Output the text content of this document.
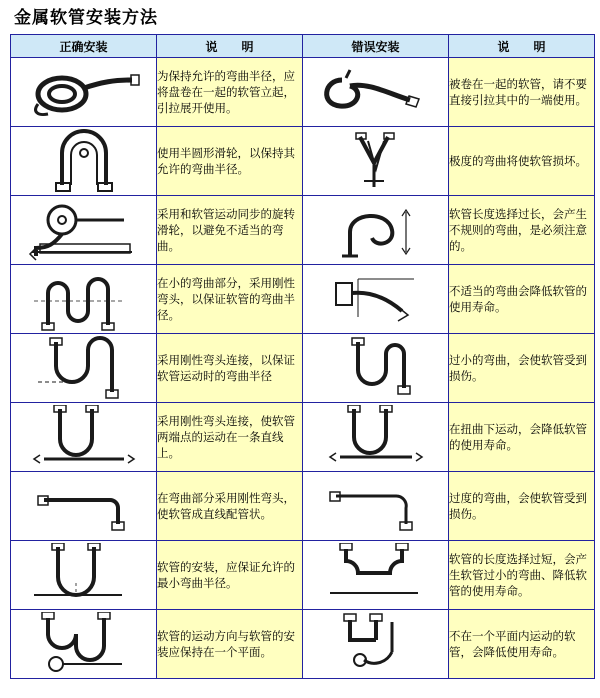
金属软管安装方法
正确安装	说　　明	错误安装	说　　明

	为保持允许的弯曲半径，应将盘卷在一起的软管立起，引拉展开使用。		被卷在一起的软管，请不要直接引拉其中的一端使用。

	使用半圆形滑轮，以保持其允许的弯曲半径。		极度的弯曲将使软管损坏。

	采用和软管运动同步的旋转滑轮，以避免不适当的弯曲。		软管长度选择过长，会产生不规则的弯曲，是必须注意的。

	在小的弯曲部分，采用刚性弯头，以保证软管的弯曲半径。		不适当的弯曲会降低软管的使用寿命。

	采用刚性弯头连接，以保证软管运动时的弯曲半径		过小的弯曲，会使软管受到损伤。

	采用刚性弯头连接，使软管两端点的运动在一条直线上。		在扭曲下运动，会降低软管的使用寿命。

	在弯曲部分采用刚性弯头，使软管成直线配管状。		过度的弯曲，会使软管受到损伤。

	软管的安装，应保证允许的最小弯曲半径。		软管的长度选择过短，会产生软管过小的弯曲、降低软管的使用寿命。

	软管的运动方向与软管的安装应保持在一个平面。		不在一个平面内运动的软管，会降低使用寿命。
